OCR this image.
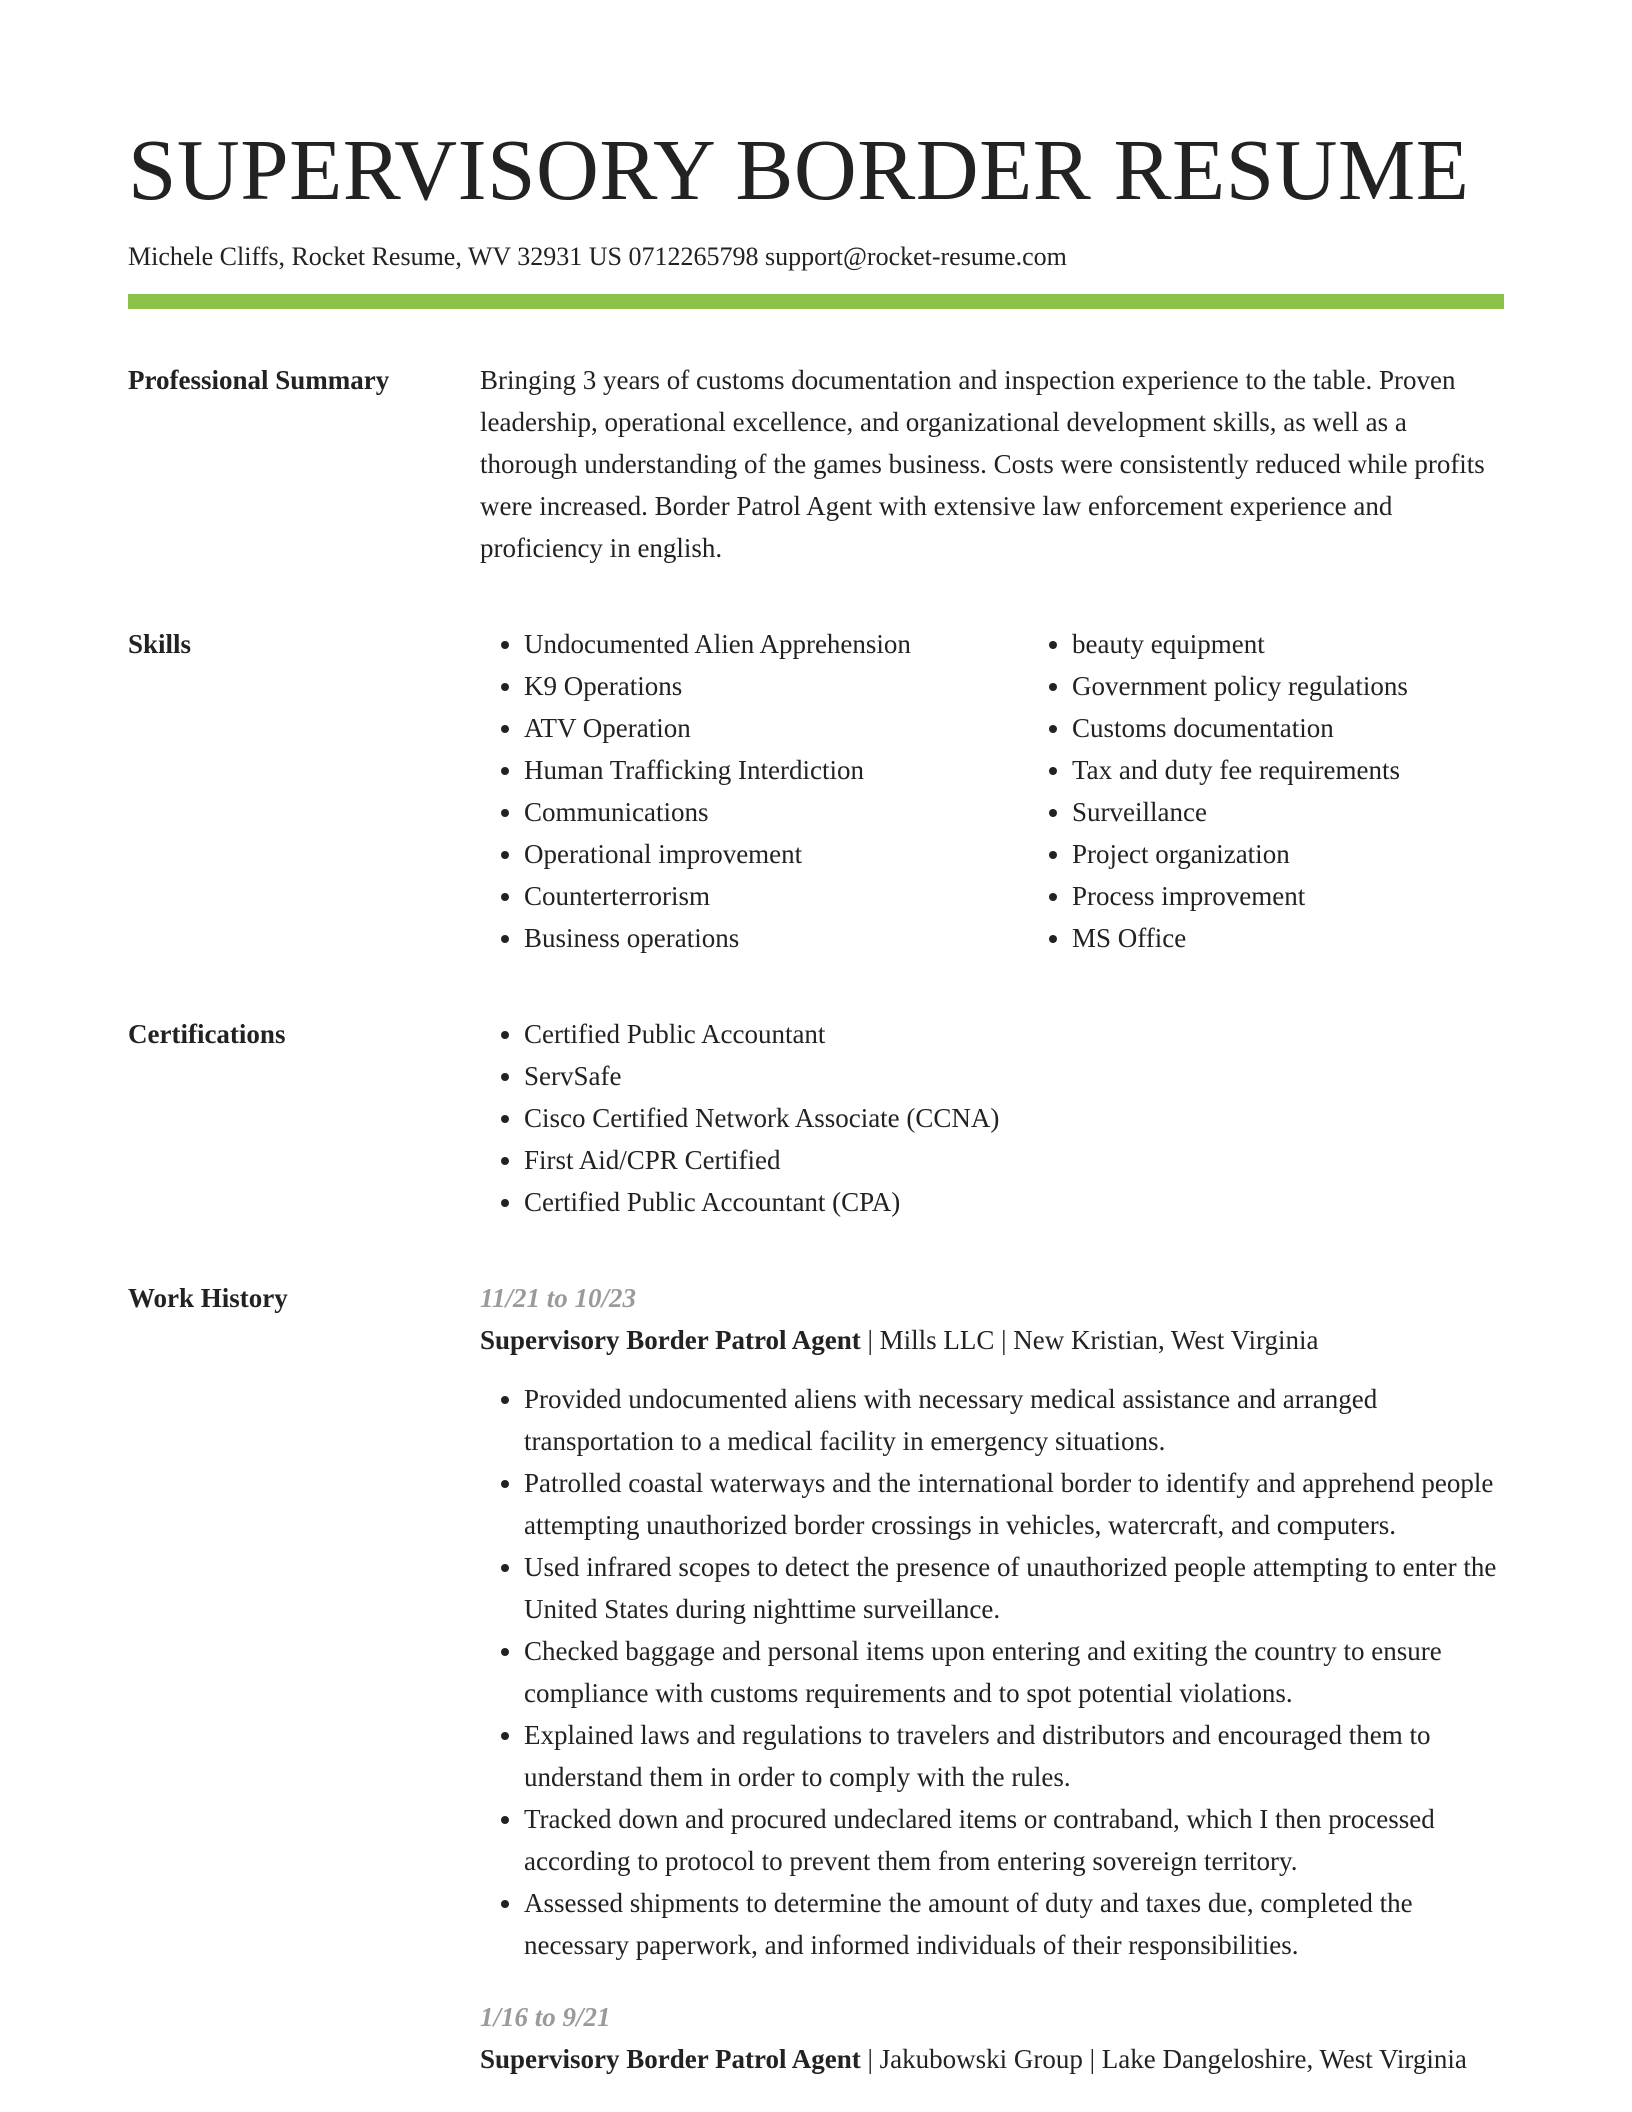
SUPERVISORY BORDER RESUME
Michele Cliffs, Rocket Resume, WV 32931 US 0712265798 support@rocket-resume.com
Professional Summary	Bringing 3 years of customs documentation and inspection experience to the table. Proven leadership, operational excellence, and organizational development skills, as well as a thorough understanding of the games business. Costs were consistently reduced while profits were increased. Border Patrol Agent with extensive law enforcement experience and proficiency in english.

Skills	• Undocumented Alien Apprehension
• K9 Operations
• ATV Operation
• Human Trafficking Interdiction
• Communications
• Operational improvement
• Counterterrorism
• Business operations
• beauty equipment
• Government policy regulations
• Customs documentation
• Tax and duty fee requirements
• Surveillance
• Project organization
• Process improvement
• MS Office
Certifications	• Certified Public Accountant
• ServSafe
• Cisco Certified Network Associate (CCNA)
• First Aid/CPR Certified
• Certified Public Accountant (CPA)
Work History	11/21 to 10/23
Supervisory Border Patrol Agent | Mills LLC | New Kristian, West Virginia
• Provided undocumented aliens with necessary medical assistance and arranged transportation to a medical facility in emergency situations.
• Patrolled coastal waterways and the international border to identify and apprehend people attempting unauthorized border crossings in vehicles, watercraft, and computers.
• Used infrared scopes to detect the presence of unauthorized people attempting to enter the United States during nighttime surveillance.
• Checked baggage and personal items upon entering and exiting the country to ensure compliance with customs requirements and to spot potential violations.
• Explained laws and regulations to travelers and distributors and encouraged them to understand them in order to comply with the rules.
• Tracked down and procured undeclared items or contraband, which I then processed according to protocol to prevent them from entering sovereign territory.
• Assessed shipments to determine the amount of duty and taxes due, completed the necessary paperwork, and informed individuals of their responsibilities.
1/16 to 9/21
Supervisory Border Patrol Agent | Jakubowski Group | Lake Dangeloshire, West Virginia
